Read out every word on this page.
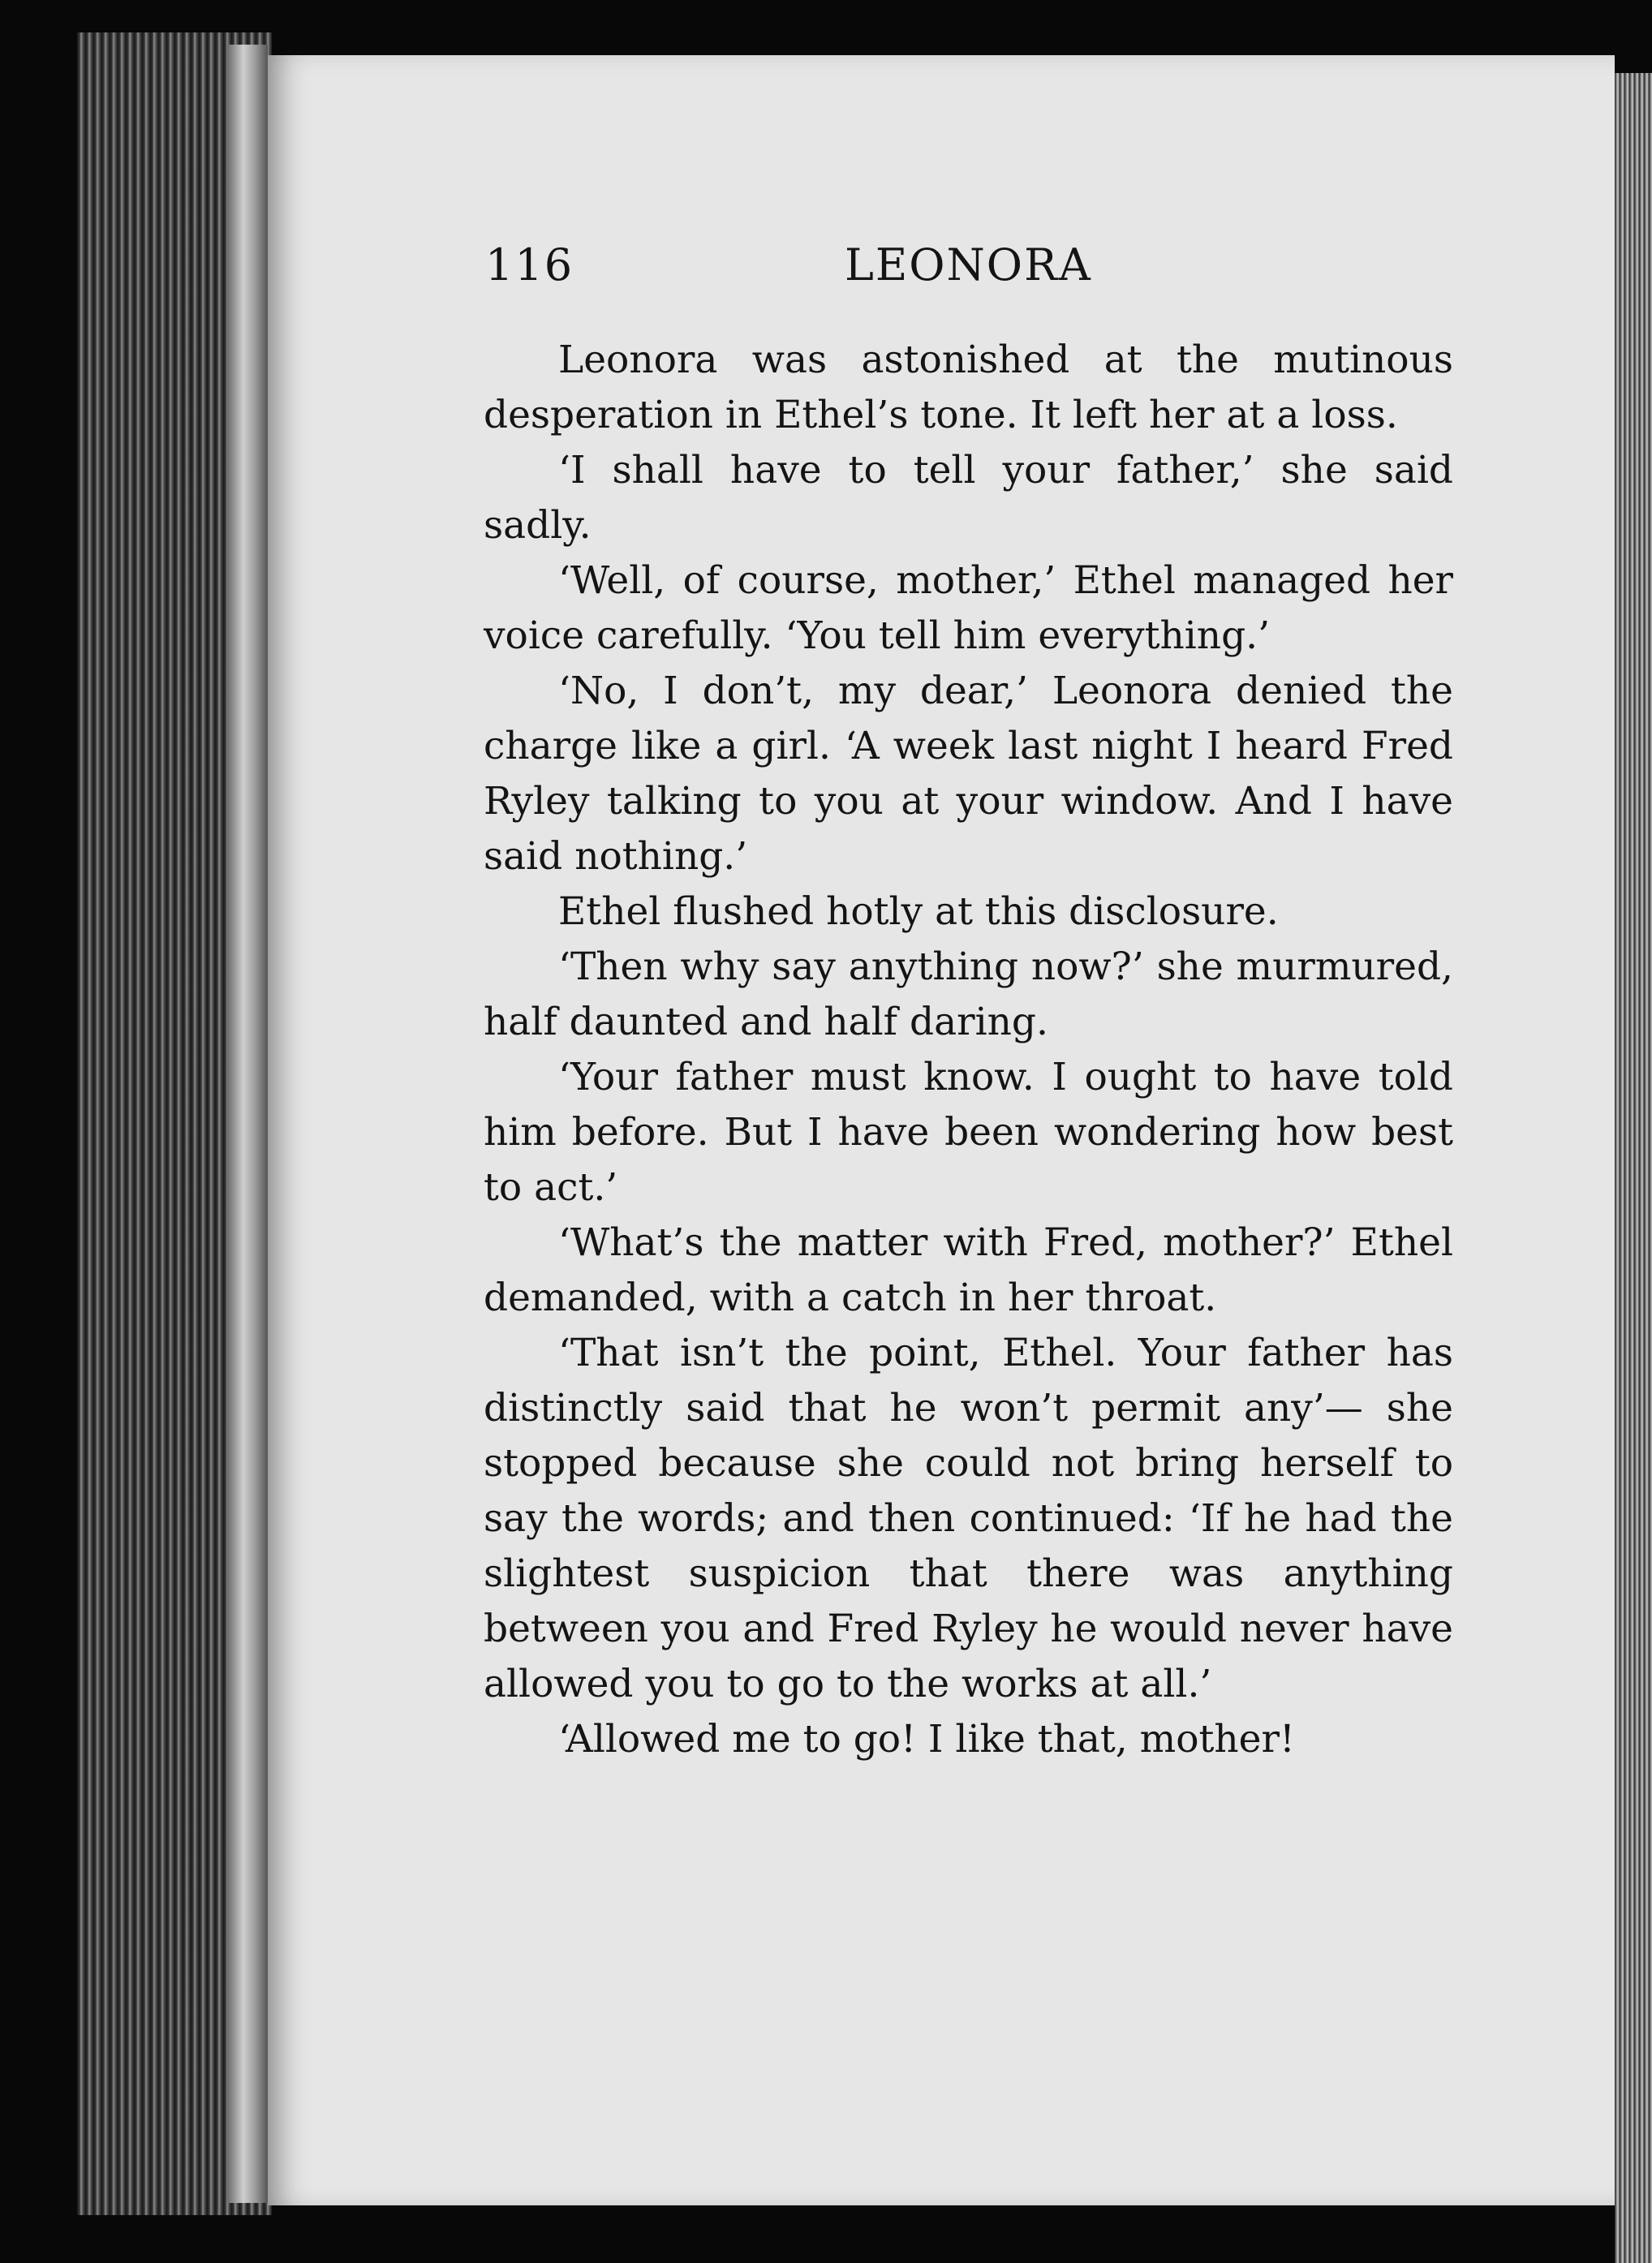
116	LEONORA

Leonora was astonished at the mutinous desperation in Ethel’s tone. It left her at a loss.

‘I shall have to tell your father,’ she said sadly.

‘Well, of course, mother,’ Ethel managed her voice carefully. ‘You tell him everything.’

‘No, I don’t, my dear,’ Leonora denied the charge like a girl. ‘A week last night I heard Fred Ryley talking to you at your window. And I have said nothing.’

Ethel flushed hotly at this disclosure.

‘Then why say anything now?’ she murmured, half daunted and half daring.

‘Your father must know. I ought to have told him before. But I have been wondering how best to act.’

‘What’s the matter with Fred, mother?’ Ethel demanded, with a catch in her throat.

‘That isn’t the point, Ethel. Your father has distinctly said that he won’t permit any’— she stopped because she could not bring herself to say the words; and then continued: ‘If he had the slightest suspicion that there was anything between you and Fred Ryley he would never have allowed you to go to the works at all.’

‘Allowed me to go! I like that, mother!
